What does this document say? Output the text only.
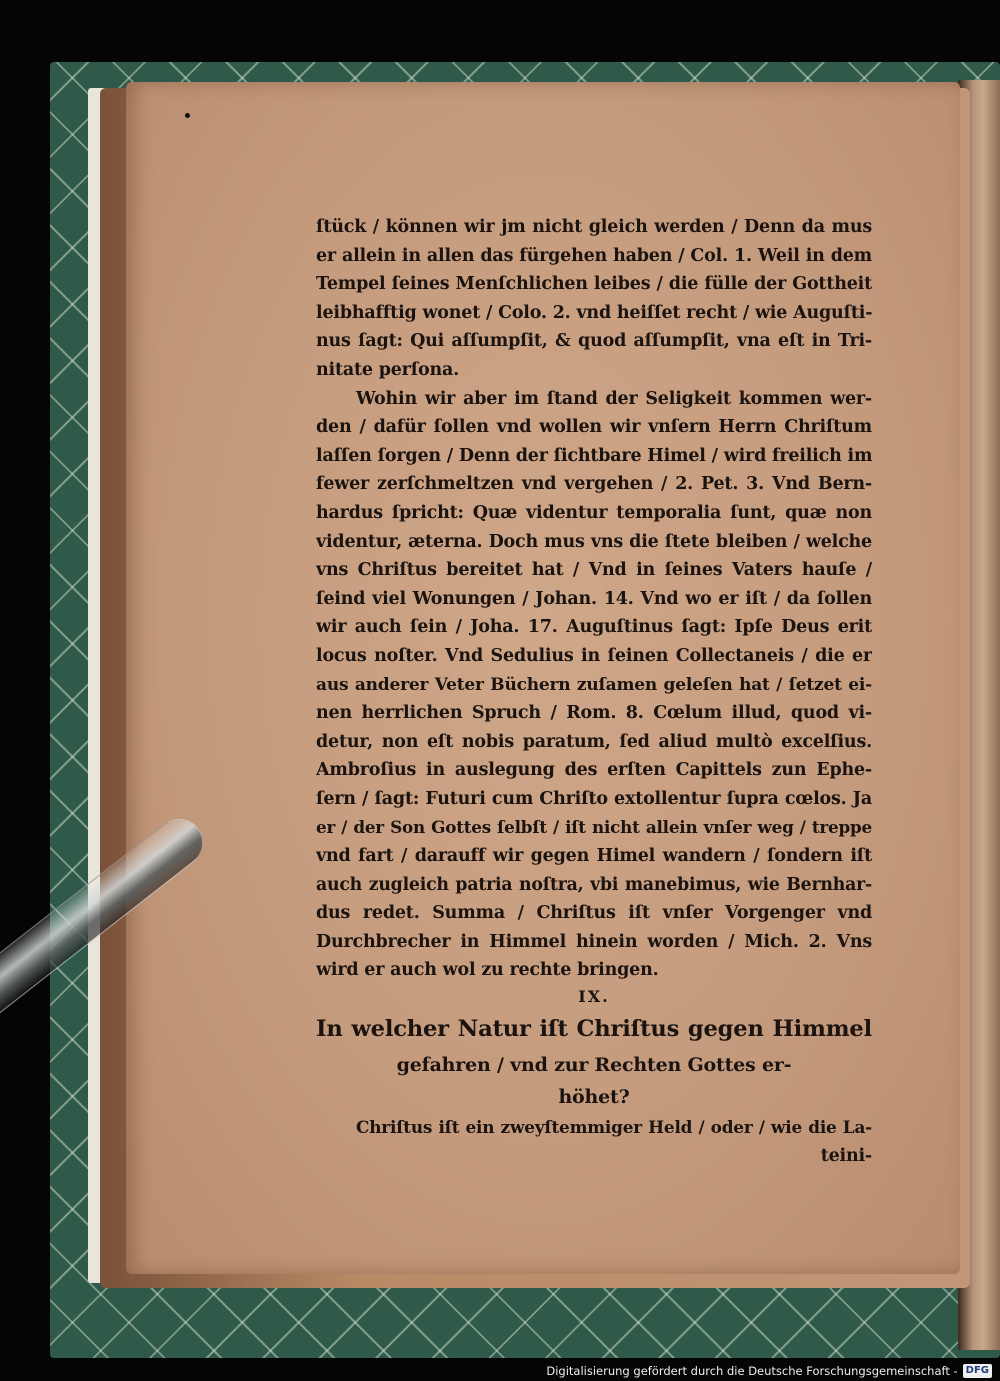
ſtück / können wir jm nicht gleich werden / Denn da mus
er allein in allen das fürgehen haben / Col. 1. Weil in dem
Tempel ſeines Menſchlichen leibes / die fülle der Gottheit
leibhafftig wonet / Colo. 2. vnd heiſſet recht / wie Auguſti-
nus ſagt: Qui aſſumpſit, & quod aſſumpſit, vna eſt in Tri-
nitate perſona.
Wohin wir aber im ſtand der Seligkeit kommen wer-
den / dafür ſollen vnd wollen wir vnſern Herrn Chriſtum
laſſen ſorgen / Denn der ſichtbare Himel / wird freilich im
fewer zerſchmeltzen vnd vergehen / 2. Pet. 3. Vnd Bern-
hardus ſpricht: Quæ videntur temporalia ſunt, quæ non
videntur, æterna. Doch mus vns die ſtete bleiben / welche
vns Chriſtus bereitet hat / Vnd in ſeines Vaters hauſe /
ſeind viel Wonungen / Johan. 14. Vnd wo er iſt / da ſollen
wir auch ſein / Joha. 17. Auguſtinus ſagt: Ipſe Deus erit
locus noſter. Vnd Sedulius in ſeinen Collectaneis / die er
aus anderer Veter Büchern zuſamen geleſen hat / ſetzet ei-
nen herrlichen Spruch / Rom. 8. Cœlum illud, quod vi-
detur, non eſt nobis paratum, ſed aliud multò excelſius.
Ambroſius in auslegung des erſten Capittels zun Ephe-
ſern / ſagt: Futuri cum Chriſto extollentur ſupra cœlos. Ja
er / der Son Gottes ſelbſt / iſt nicht allein vnſer weg / treppe
vnd fart / darauff wir gegen Himel wandern / ſondern iſt
auch zugleich patria noſtra, vbi manebimus, wie Bernhar-
dus redet. Summa / Chriſtus iſt vnſer Vorgenger vnd
Durchbrecher in Himmel hinein worden / Mich. 2. Vns
wird er auch wol zu rechte bringen.
IX.
In welcher Natur iſt Chriſtus gegen Himmel
gefahren / vnd zur Rechten Gottes er-
höhet?
Chriſtus iſt ein zweyſtemmiger Held / oder / wie die La-
teini-
Digitalisierung gefördert durch die Deutsche Forschungsgemeinschaft - DFG
